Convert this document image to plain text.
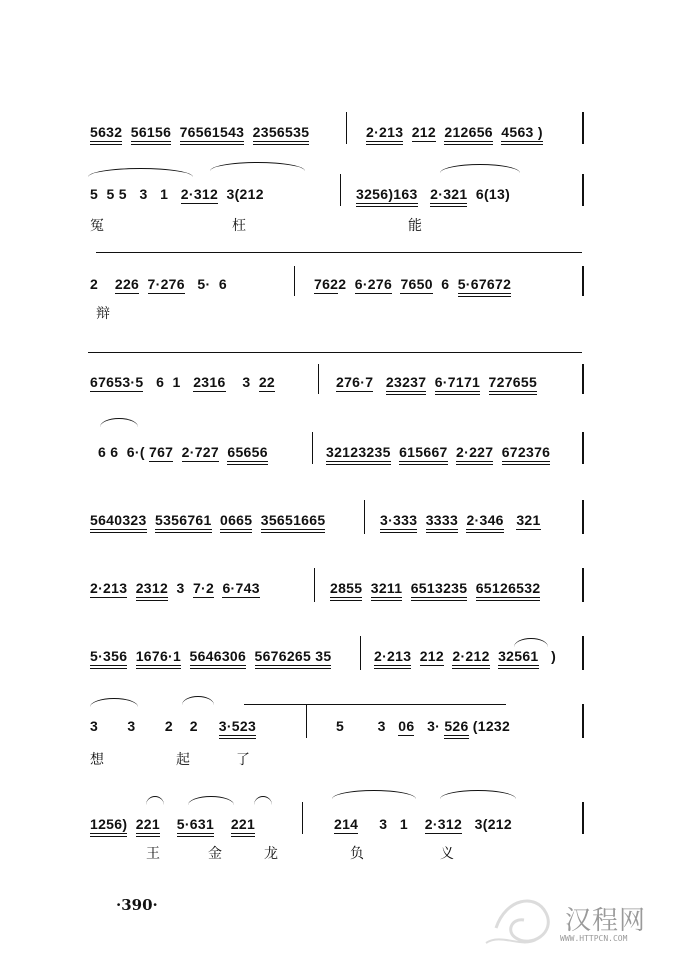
5632 56156 76561543 2356535	2·213 212 212656 4563 )
5 5 5 3 1 2·312 3(212	3256)163 2·321 6(13)
冤	枉	能
2 226 7·276 5· 6	7622 6·276 7650 6 5·67672
辩
67653·5 6 1 2316 3 22	276·7 23237 6·7171 727655
6 6 6·( 767 2·727 65656	32123235 615667 2·227 672376
5640323 5356761 0665 35651665	3·333 3333 2·346 321
2·213 2312 3 7·2 6·743	2855 3211 6513235 65126532
5·356 1676·1 5646306 5676265 35	2·213 212 2·212 32561 )
3 3 2 2 3·523	5 3 06 3· 526 (1232
想	起	了
1256) 221 5·631 221	214 3 1 2·312 3(212
王	金	龙	负	义
·390·
汉程网
WWW.HTTPCN.COM
